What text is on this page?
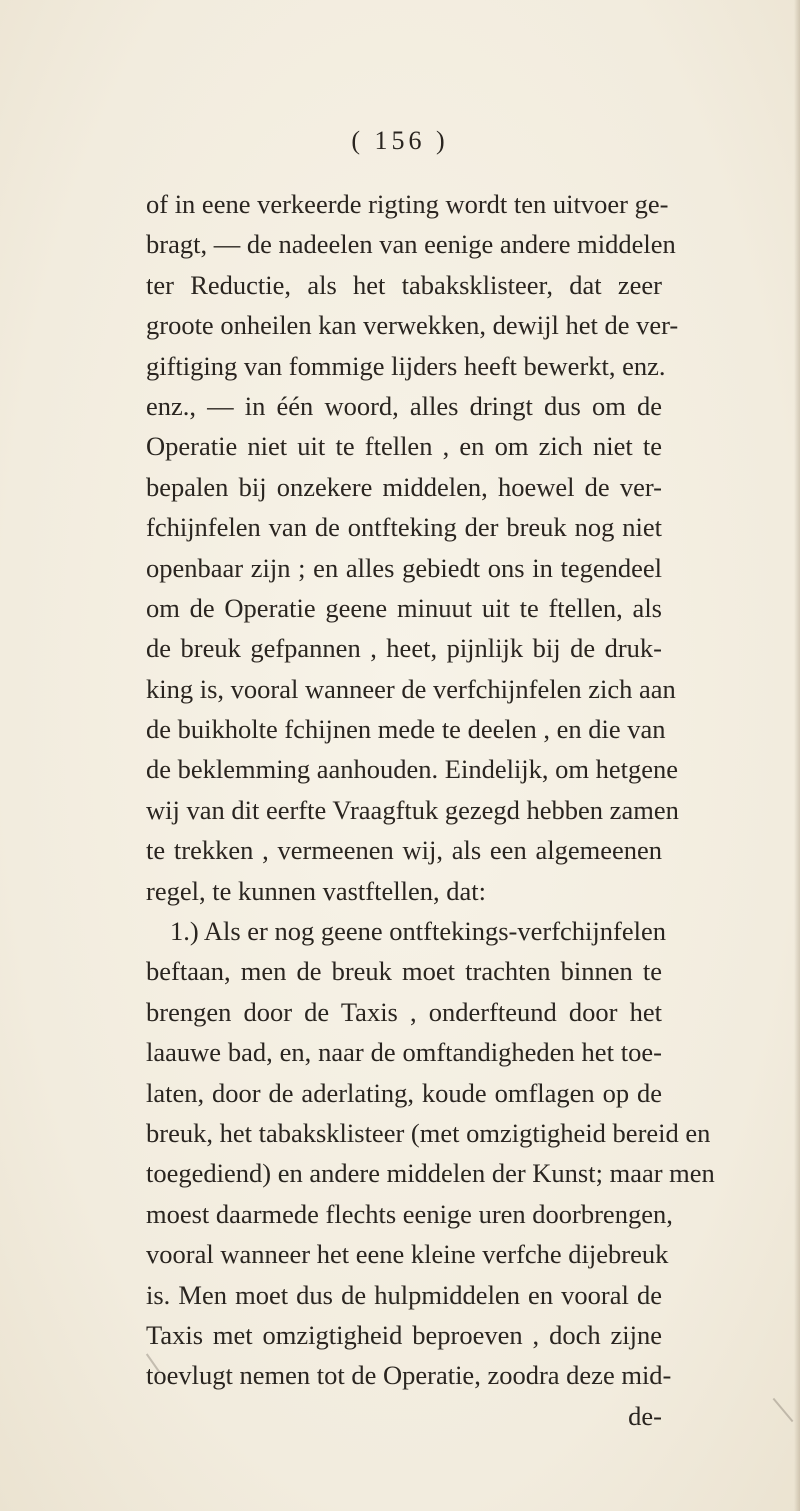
( 156 )
of in eene verkeerde rigting wordt ten uitvoer ge-
bragt, — de nadeelen van eenige andere middelen
ter Reductie, als het tabaksklisteer, dat zeer
groote onheilen kan verwekken, dewijl het de ver-
giftiging van fommige lijders heeft bewerkt, enz.
enz., — in één woord, alles dringt dus om de
Operatie niet uit te ftellen , en om zich niet te
bepalen bij onzekere middelen, hoewel de ver-
fchijnfelen van de ontfteking der breuk nog niet
openbaar zijn ; en alles gebiedt ons in tegendeel
om de Operatie geene minuut uit te ftellen, als
de breuk gefpannen , heet, pijnlijk bij de druk-
king is, vooral wanneer de verfchijnfelen zich aan
de buikholte fchijnen mede te deelen , en die van
de beklemming aanhouden. Eindelijk, om hetgene
wij van dit eerfte Vraagftuk gezegd hebben zamen
te trekken , vermeenen wij, als een algemeenen
regel, te kunnen vastftellen, dat:
1.) Als er nog geene ontftekings-verfchijnfelen
beftaan, men de breuk moet trachten binnen te
brengen door de Taxis , onderfteund door het
laauwe bad, en, naar de omftandigheden het toe-
laten, door de aderlating, koude omflagen op de
breuk, het tabaksklisteer (met omzigtigheid bereid en
toegediend) en andere middelen der Kunst; maar men
moest daarmede flechts eenige uren doorbrengen,
vooral wanneer het eene kleine verfche dijebreuk
is. Men moet dus de hulpmiddelen en vooral de
Taxis met omzigtigheid beproeven , doch zijne
toevlugt nemen tot de Operatie, zoodra deze mid-
de-
